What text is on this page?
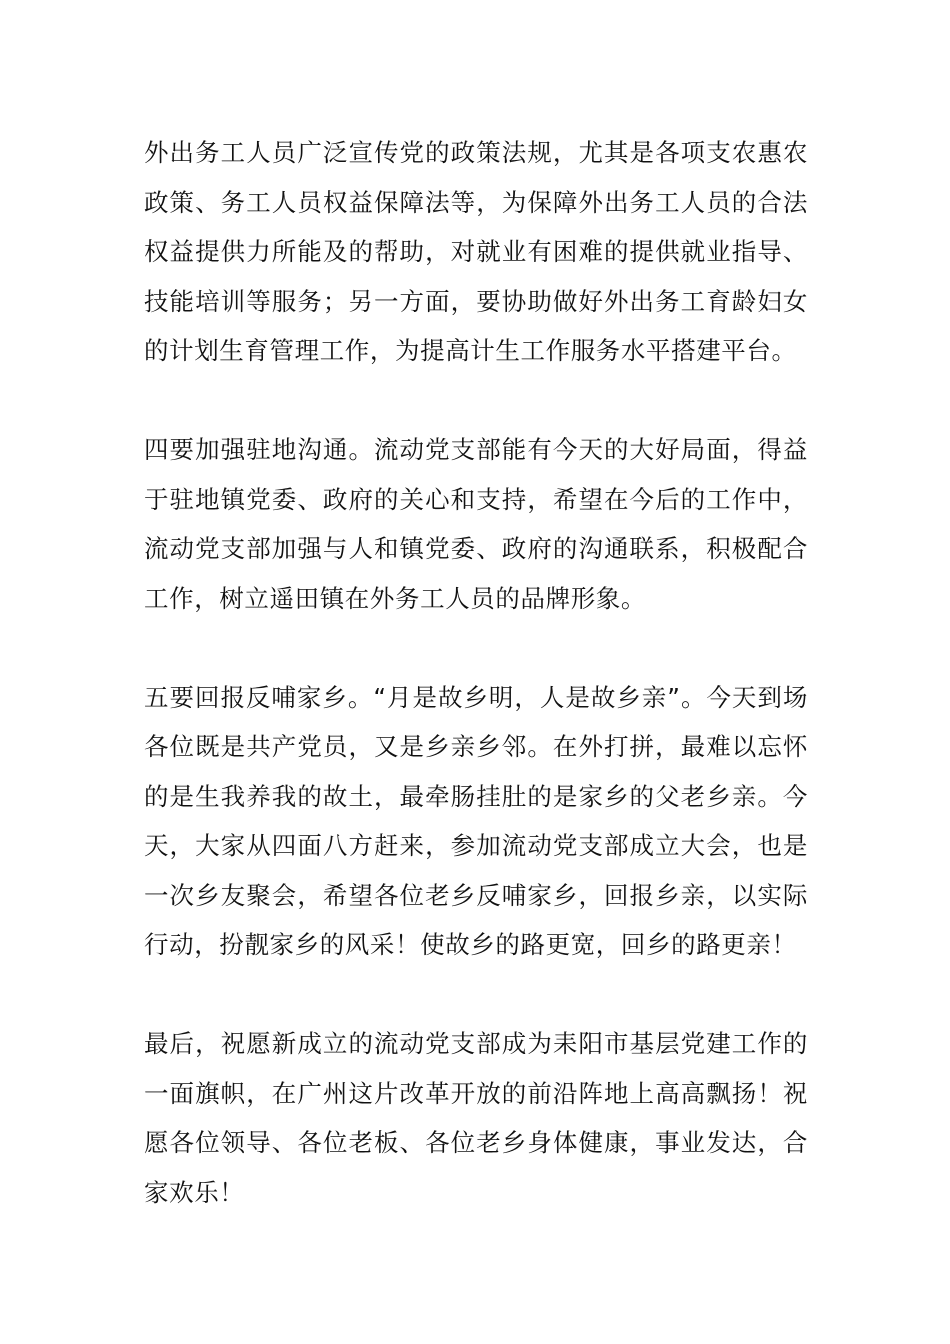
外出务工人员广泛宣传党的政策法规，尤其是各项支农惠农政策、务工人员权益保障法等，为保障外出务工人员的合法权益提供力所能及的帮助，对就业有困难的提供就业指导、技能培训等服务；另一方面，要协助做好外出务工育龄妇女的计划生育管理工作，为提高计生工作服务水平搭建平台。

四要加强驻地沟通。流动党支部能有今天的大好局面，得益于驻地镇党委、政府的关心和支持，希望在今后的工作中，流动党支部加强与人和镇党委、政府的沟通联系，积极配合工作，树立遥田镇在外务工人员的品牌形象。

五要回报反哺家乡。“月是故乡明，人是故乡亲”。今天到场各位既是共产党员，又是乡亲乡邻。在外打拼，最难以忘怀的是生我养我的故土，最牵肠挂肚的是家乡的父老乡亲。今天，大家从四面八方赶来，参加流动党支部成立大会，也是一次乡友聚会，希望各位老乡反哺家乡，回报乡亲，以实际行动，扮靓家乡的风采！使故乡的路更宽，回乡的路更亲！

最后，祝愿新成立的流动党支部成为耒阳市基层党建工作的一面旗帜，在广州这片改革开放的前沿阵地上高高飘扬！祝愿各位领导、各位老板、各位老乡身体健康，事业发达，合家欢乐！
